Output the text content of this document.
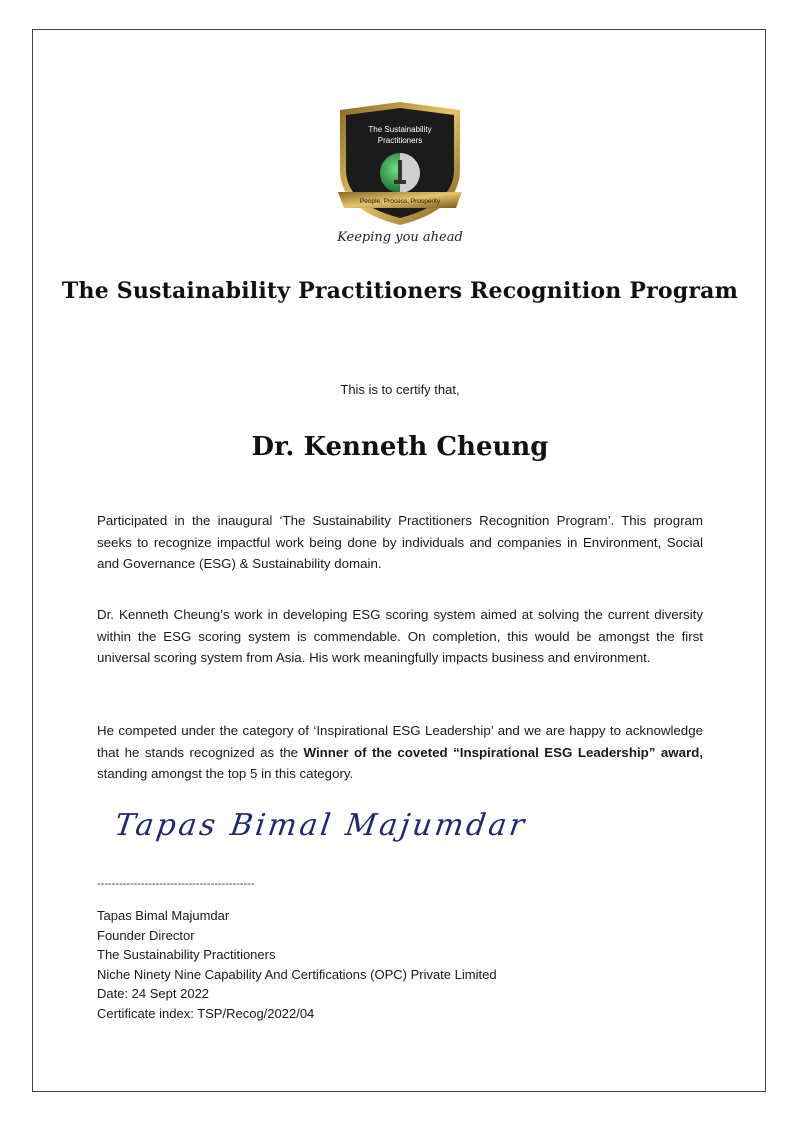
The Sustainability
Practitioners
People, Process, Prosperity
Keeping you ahead
The Sustainability Practitioners Recognition Program
This is to certify that,
Dr. Kenneth Cheung

Participated in the inaugural ‘The Sustainability Practitioners Recognition Program’. This program seeks to recognize impactful work being done by individuals and companies in Environment, Social and Governance (ESG) & Sustainability domain.

Dr. Kenneth Cheung’s work in developing ESG scoring system aimed at solving the current diversity within the ESG scoring system is commendable. On completion, this would be amongst the first universal scoring system from Asia. His work meaningfully impacts business and environment.

He competed under the category of ‘Inspirational ESG Leadership’ and we are happy to acknowledge that he stands recognized as the Winner of the coveted “Inspirational ESG Leadership” award, standing amongst the top 5 in this category.

Tapas Bimal Majumdar
-------------------------------------------
Tapas Bimal Majumdar
Founder Director
The Sustainability Practitioners
Niche Ninety Nine Capability And Certifications (OPC) Private Limited
Date: 24 Sept 2022
Certificate index: TSP/Recog/2022/04
